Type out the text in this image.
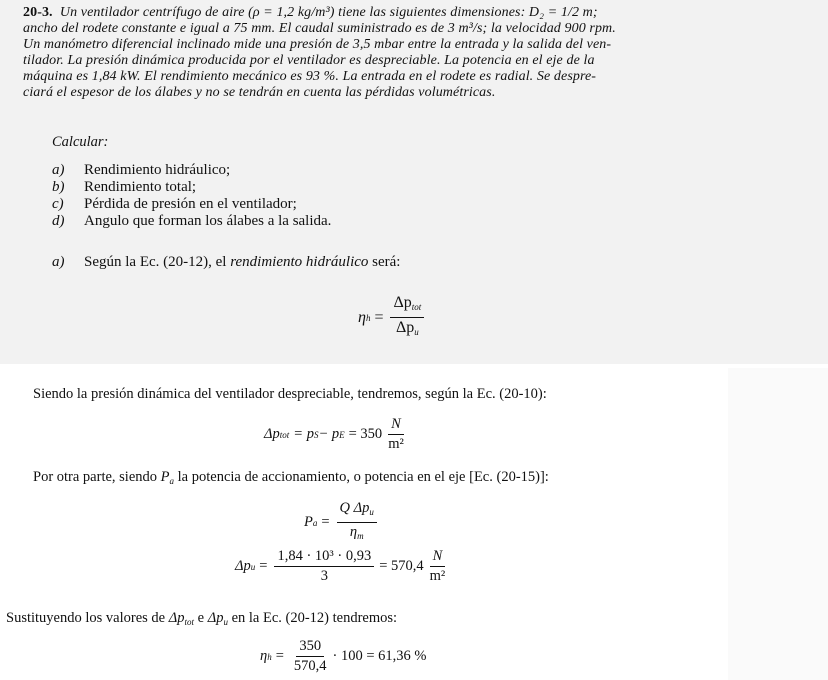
20-3. Un ventilador centrífugo de aire (ρ = 1,2 kg/m³) tiene las siguientes dimensiones: D₂ = 1/2 m;
ancho del rodete constante e igual a 75 mm. El caudal suministrado es de 3 m³/s; la velocidad 900 rpm.
Un manómetro diferencial inclinado mide una presión de 3,5 mbar entre la entrada y la salida del ven-
tilador. La presión dinámica producida por el ventilador es despreciable. La potencia en el eje de la
máquina es 1,84 kW. El rendimiento mecánico es 93 %. La entrada en el rodete es radial. Se despre-
ciará el espesor de los álabes y no se tendrán en cuenta las pérdidas volumétricas.
Calcular:
a) Rendimiento hidráulico;
b) Rendimiento total;
c) Pérdida de presión en el ventilador;
d) Angulo que forman los álabes a la salida.
a) Según la Ec. (20-12), el rendimiento hidráulico será:
η $h = \frac{\Delta p_{tot}}{\Delta p_u}$
Siendo la presión dinámica del ventilador despreciable, tendremos, según la Ec. (20-10):
Δp tot = p S − p $E = 350 \frac{N}{\text{m²}}$
Por otra parte, siendo $P_a$ la potencia de accionamiento, o potencia en el eje [Ec. (20-15)]:
P $a = \frac{Q \Delta p_u}{\eta_m}$
Δp $u = \frac{\text{1,84 · 10³ · 0,93}}{3} = 570,4 \frac{N}{\text{m²}}$
Sustituyendo los valores de $\Delta p_{tot}$ e $\Delta p_u$ en la Ec. (20-12) tendremos:
η $h = \frac{350}{570,4} \cdot 100 = 61,36$ %
